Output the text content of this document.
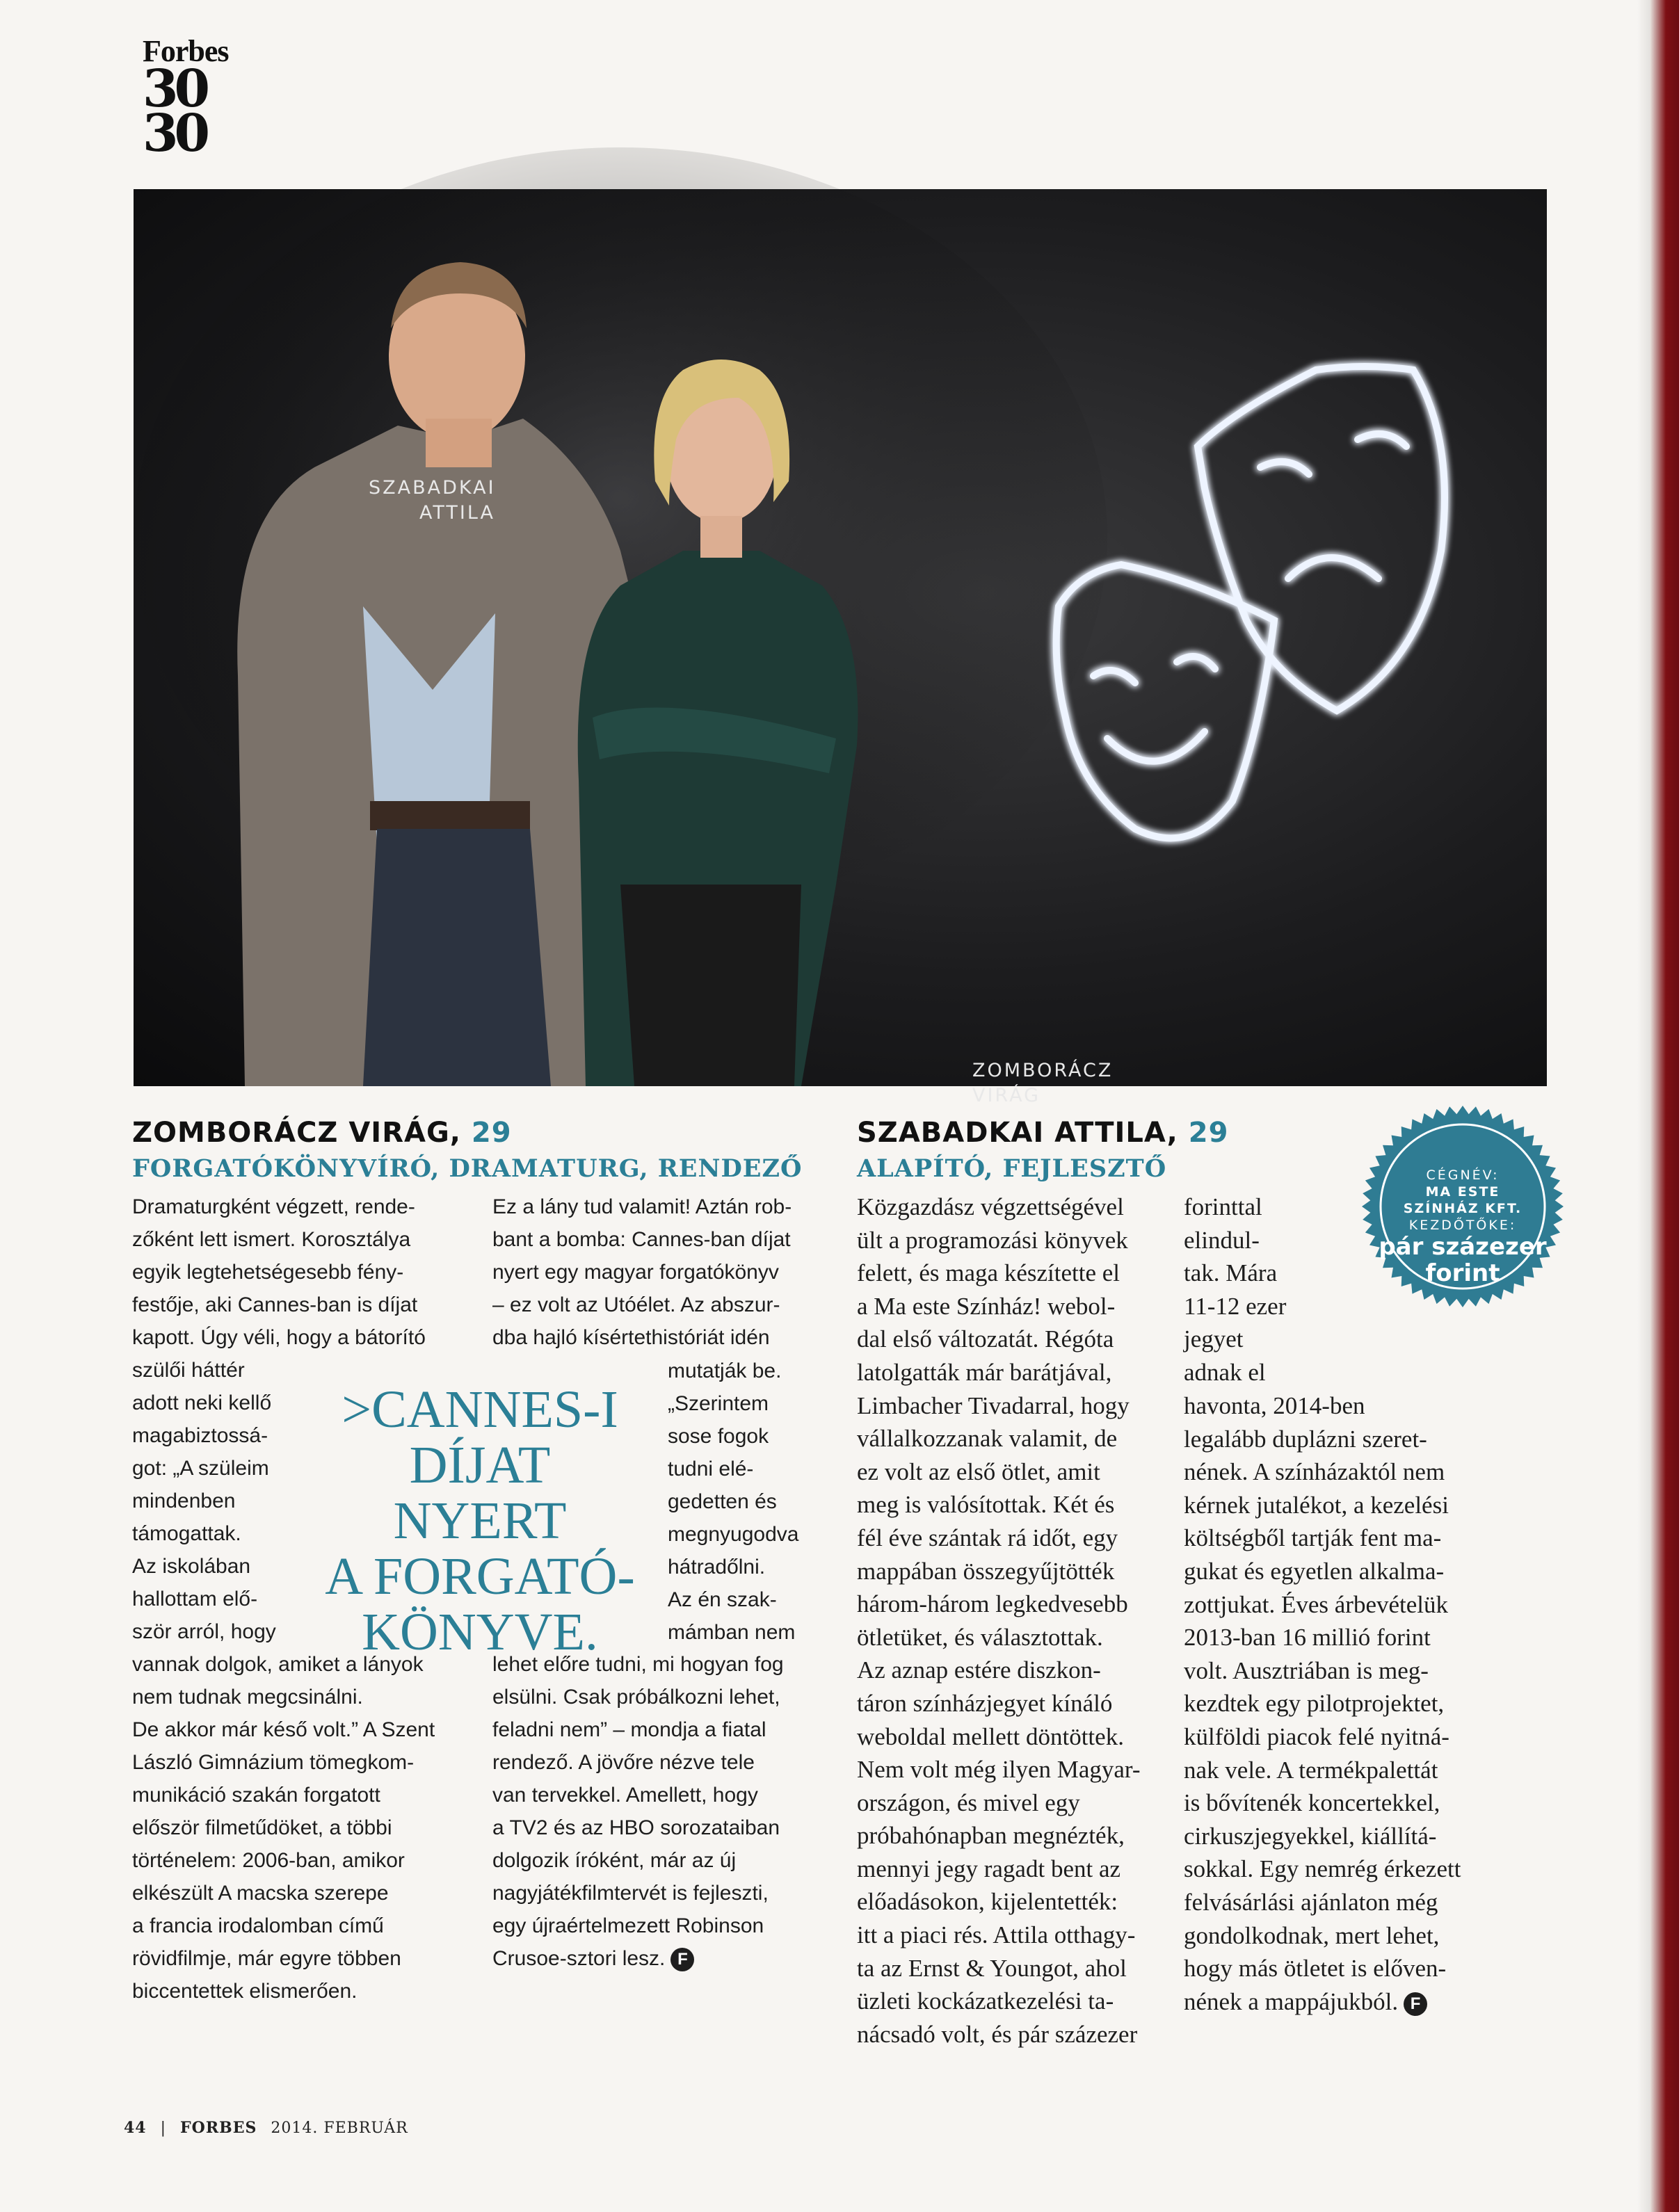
Forbes
30
30
SZABADKAI
ATTILA
ZOMBORÁCZ
VIRÁG
ZOMBORÁCZ VIRÁG, 29
FORGATÓKÖNYVÍRÓ, DRAMATURG, RENDEZŐ
Dramaturgként végzett, rende-
zőként lett ismert. Korosztálya
egyik legtehetségesebb fény-
festője, aki Cannes-ban is díjat
kapott. Úgy véli, hogy a bátorító
szülői háttér
adott neki kellő
magabiztossá-
got: „A szüleim
mindenben
támogattak.
Az iskolában
hallottam elő-
ször arról, hogy
vannak dolgok, amiket a lányok
nem tudnak megcsinálni.
De akkor már késő volt.” A Szent
László Gimnázium tömegkom-
munikáció szakán forgatott
először filmetűdöket, a többi
történelem: 2006-ban, amikor
elkészült A macska szerepe
a francia irodalomban című
rövidfilmje, már egyre többen
biccentettek elismerően.
>CANNES-I
DÍJAT
NYERT
A FORGATÓ-
KÖNYVE.
Ez a lány tud valamit! Aztán rob-
bant a bomba: Cannes-ban díjat
nyert egy magyar forgatókönyv
– ez volt az Utóélet. Az abszur-
dba hajló kísértethistóriát idén
mutatják be.
„Szerintem
sose fogok
tudni elé-
gedetten és
megnyugodva
hátradőlni.
Az én szak-
mámban nem
lehet előre tudni, mi hogyan fog
elsülni. Csak próbálkozni lehet,
feladni nem” – mondja a fiatal
rendező. A jövőre nézve tele
van tervekkel. Amellett, hogy
a TV2 és az HBO sorozataiban
dolgozik íróként, már az új
nagyjátékfilmtervét is fejleszti,
egy újraértelmezett Robinson
Crusoe-sztori lesz. F
SZABADKAI ATTILA, 29
ALAPÍTÓ, FEJLESZTŐ
Közgazdász végzettségével
ült a programozási könyvek
felett, és maga készítette el
a Ma este Színház! webol-
dal első változatát. Régóta
latolgatták már barátjával,
Limbacher Tivadarral, hogy
vállalkozzanak valamit, de
ez volt az első ötlet, amit
meg is valósítottak. Két és
fél éve szántak rá időt, egy
mappában összegyűjtötték
három-három legkedvesebb
ötletüket, és választottak.
Az aznap estére diszkon-
táron színházjegyet kínáló
weboldal mellett döntöttek.
Nem volt még ilyen Magyar-
országon, és mivel egy
próbahónapban megnézték,
mennyi jegy ragadt bent az
előadásokon, kijelentették:
itt a piaci rés. Attila otthagy-
ta az Ernst & Youngot, ahol
üzleti kockázatkezelési ta-
nácsadó volt, és pár százezer
forinttal
elindul-
tak. Mára
11-12 ezer
jegyet
adnak el
havonta, 2014-ben
legalább duplázni szeret-
nének. A színházaktól nem
kérnek jutalékot, a kezelési
költségből tartják fent ma-
gukat és egyetlen alkalma-
zottjukat. Éves árbevételük
2013-ban 16 millió forint
volt. Ausztriában is meg-
kezdtek egy pilotprojektet,
külföldi piacok felé nyitná-
nak vele. A termékpalettát
is bővítenék koncertekkel,
cirkuszjegyekkel, kiállítá-
sokkal. Egy nemrég érkezett
felvásárlási ajánlaton még
gondolkodnak, mert lehet,
hogy más ötletet is előven-
nének a mappájukból. F
CÉGNÉV:
MA ESTE
SZÍNHÁZ KFT.
KEZDŐTŐKE:
pár százezer
forint
44 | FORBES 2014. FEBRUÁR
